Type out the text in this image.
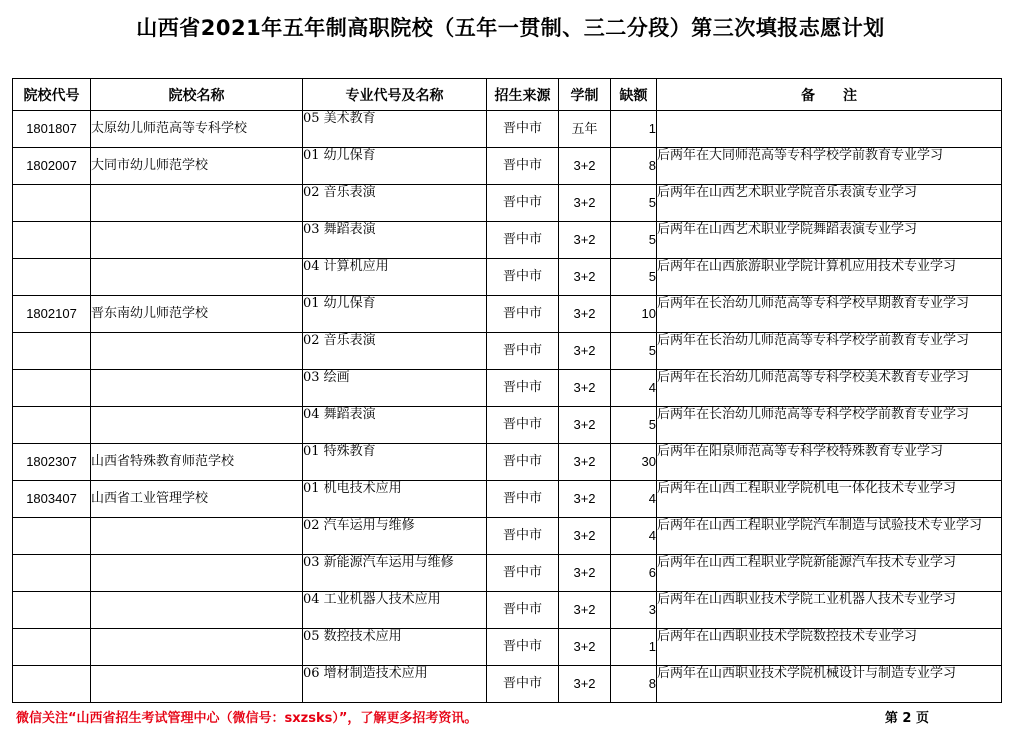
山西省2021年五年制高职院校（五年一贯制、三二分段）第三次填报志愿计划
院校代号	院校名称	专业代号及名称	招生来源	学制	缺额	备　　注
1801807	太原幼儿师范高等专科学校	05 美术教育	晋中市	五年	1	
1802007	大同市幼儿师范学校	01 幼儿保育	晋中市	3+2	8	后两年在大同师范高等专科学校学前教育专业学习
		02 音乐表演	晋中市	3+2	5	后两年在山西艺术职业学院音乐表演专业学习
		03 舞蹈表演	晋中市	3+2	5	后两年在山西艺术职业学院舞蹈表演专业学习
		04 计算机应用	晋中市	3+2	5	后两年在山西旅游职业学院计算机应用技术专业学习
1802107	晋东南幼儿师范学校	01 幼儿保育	晋中市	3+2	10	后两年在长治幼儿师范高等专科学校早期教育专业学习
		02 音乐表演	晋中市	3+2	5	后两年在长治幼儿师范高等专科学校学前教育专业学习
		03 绘画	晋中市	3+2	4	后两年在长治幼儿师范高等专科学校美术教育专业学习
		04 舞蹈表演	晋中市	3+2	5	后两年在长治幼儿师范高等专科学校学前教育专业学习
1802307	山西省特殊教育师范学校	01 特殊教育	晋中市	3+2	30	后两年在阳泉师范高等专科学校特殊教育专业学习
1803407	山西省工业管理学校	01 机电技术应用	晋中市	3+2	4	后两年在山西工程职业学院机电一体化技术专业学习
		02 汽车运用与维修	晋中市	3+2	4	后两年在山西工程职业学院汽车制造与试验技术专业学习
		03 新能源汽车运用与维修	晋中市	3+2	6	后两年在山西工程职业学院新能源汽车技术专业学习
		04 工业机器人技术应用	晋中市	3+2	3	后两年在山西职业技术学院工业机器人技术专业学习
		05 数控技术应用	晋中市	3+2	1	后两年在山西职业技术学院数控技术专业学习
		06 增材制造技术应用	晋中市	3+2	8	后两年在山西职业技术学院机械设计与制造专业学习
微信关注“山西省招生考试管理中心（微信号：sxzsks）”，了解更多招考资讯。	第 2 页
